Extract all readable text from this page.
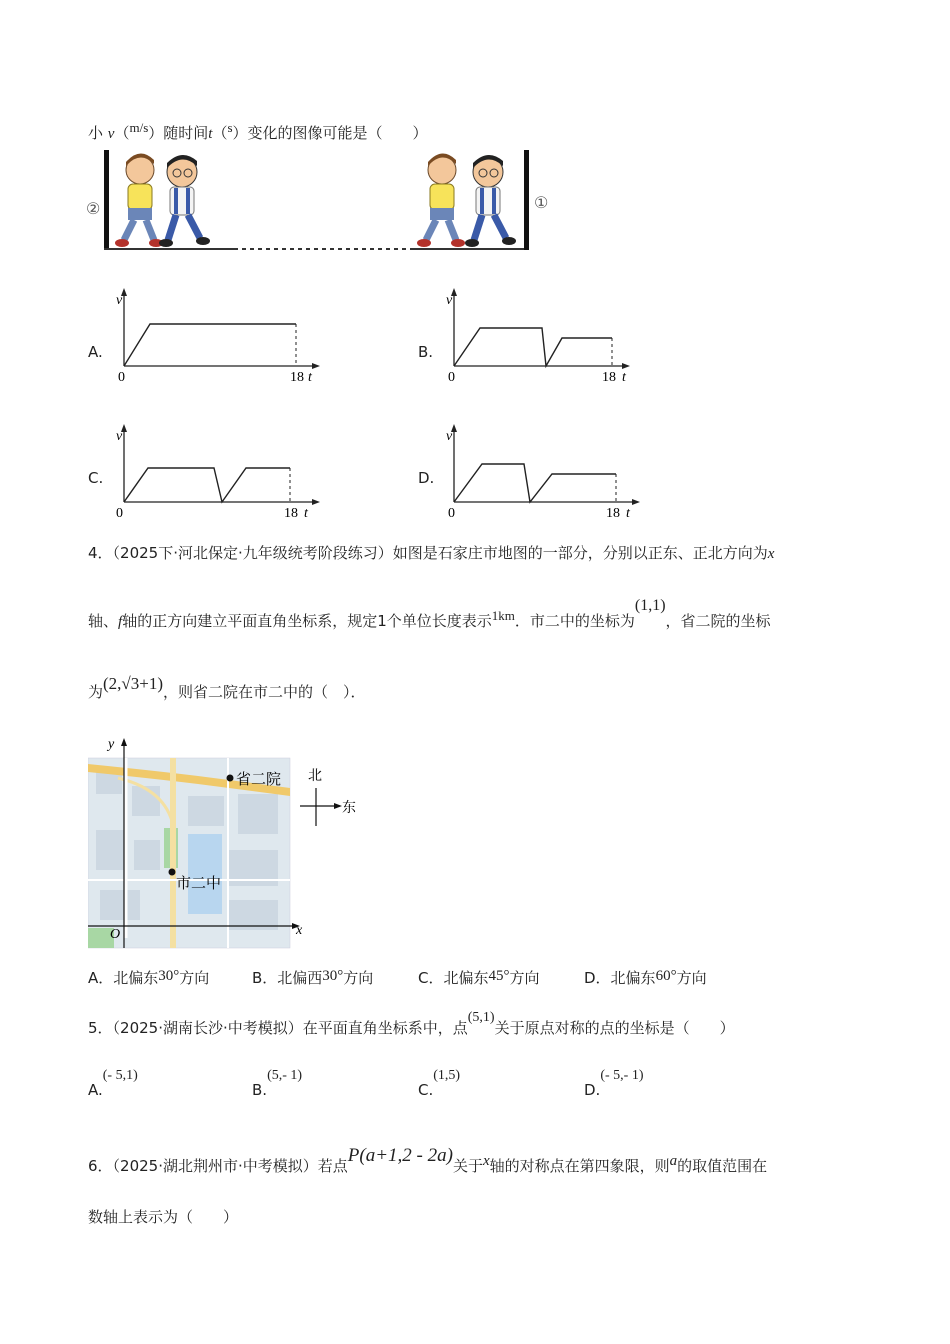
小 v（$^{m/s}$）随时间t（$^s$）变化的图像可能是（　　）
②	①
A.
v
0	18 t
B.
v
0	18 t
C.
v
0	18 t
D.
v
0	18 t
4．（2025下·河北保定·九年级统考阶段练习）如图是石家庄市地图的一部分，分别以正东、正北方向为x
轴、f轴的正方向建立平面直角坐标系，规定1个单位长度表示$^{1km}$．市二中的坐标为(1,1)，省二院的坐标
为(2,√3+1)，则省二院在市二中的（　）．
y
x
O
省二院
市二中
北
东
A．北偏东30°方向	B．北偏西30°方向	C．北偏东45°方向	D．北偏东60°方向
5．（2025·湖南长沙·中考模拟）在平面直角坐标系中，点(5,1)关于原点对称的点的坐标是（　　）
A.(- 5,1)
B.(5,- 1)
C.(1,5)
D.(- 5,- 1)
6．（2025·湖北荆州市·中考模拟）若点P(a+1,2 - 2a)关于x轴的对称点在第四象限，则a的取值范围在
数轴上表示为（　　）
